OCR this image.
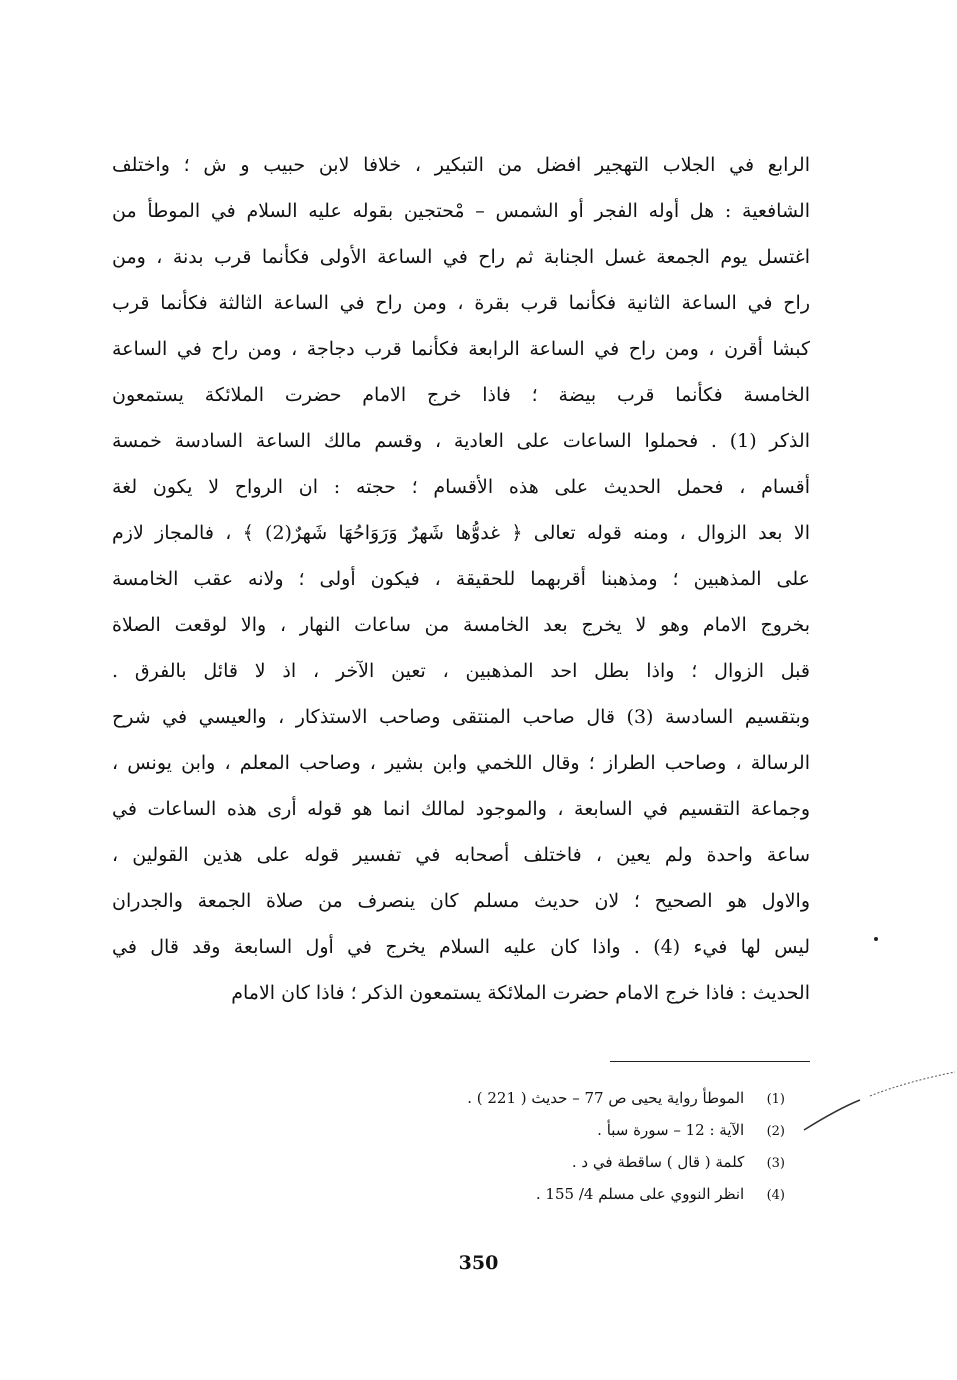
الرابع في الجلاب التهجير افضل من التبكير ، خلافا لابن حبيب و ش ؛ واختلف
الشافعية : هل أوله الفجر أو الشمس – مْحتجين بقوله عليه السلام في الموطأ من
اغتسل يوم الجمعة غسل الجنابة ثم راح في الساعة الأولى فكأنما قرب بدنة ، ومن
راح في الساعة الثانية فكأنما قرب بقرة ، ومن راح في الساعة الثالثة فكأنما قرب
كبشا أقرن ، ومن راح في الساعة الرابعة فكأنما قرب دجاجة ، ومن راح في الساعة
الخامسة فكأنما قرب بيضة ؛ فاذا خرج الامام حضرت الملائكة يستمعون
الذكر (1) . فحملوا الساعات على العادية ، وقسم مالك الساعة السادسة خمسة
أقسام ، فحمل الحديث على هذه الأقسام ؛ حجته : ان الرواح لا يكون لغة
الا بعد الزوال ، ومنه قوله تعالى ﴿ غدوُّها شَهرٌ وَرَوَاحُهَا شَهرٌ(2) ﴾ ، فالمجاز لازم
على المذهبين ؛ ومذهبنا أقربهما للحقيقة ، فيكون أولى ؛ ولانه عقب الخامسة
بخروج الامام وهو لا يخرج بعد الخامسة من ساعات النهار ، والا لوقعت الصلاة
قبل الزوال ؛ واذا بطل احد المذهبين ، تعين الآخر ، اذ لا قائل بالفرق .
وبتقسيم السادسة (3) قال صاحب المنتقى وصاحب الاستذكار ، والعيسي في شرح
الرسالة ، وصاحب الطراز ؛ وقال اللخمي وابن بشير ، وصاحب المعلم ، وابن يونس ،
وجماعة التقسيم في السابعة ، والموجود لمالك انما هو قوله أرى هذه الساعات في
ساعة واحدة ولم يعين ، فاختلف أصحابه في تفسير قوله على هذين القولين ،
والاول هو الصحيح ؛ لان حديث مسلم كان ينصرف من صلاة الجمعة والجدران
ليس لها فيء (4) . واذا كان عليه السلام يخرج في أول السابعة وقد قال في
الحديث : فاذا خرج الامام حضرت الملائكة يستمعون الذكر ؛ فاذا كان الامام
(1) الموطأ رواية يحيى ص 77 – حديث ( 221 ) .
(2) الآية : 12 – سورة سبأ .
(3) كلمة ( قال ) ساقطة في د .
(4) انظر النووي على مسلم 4/ 155 .
350
